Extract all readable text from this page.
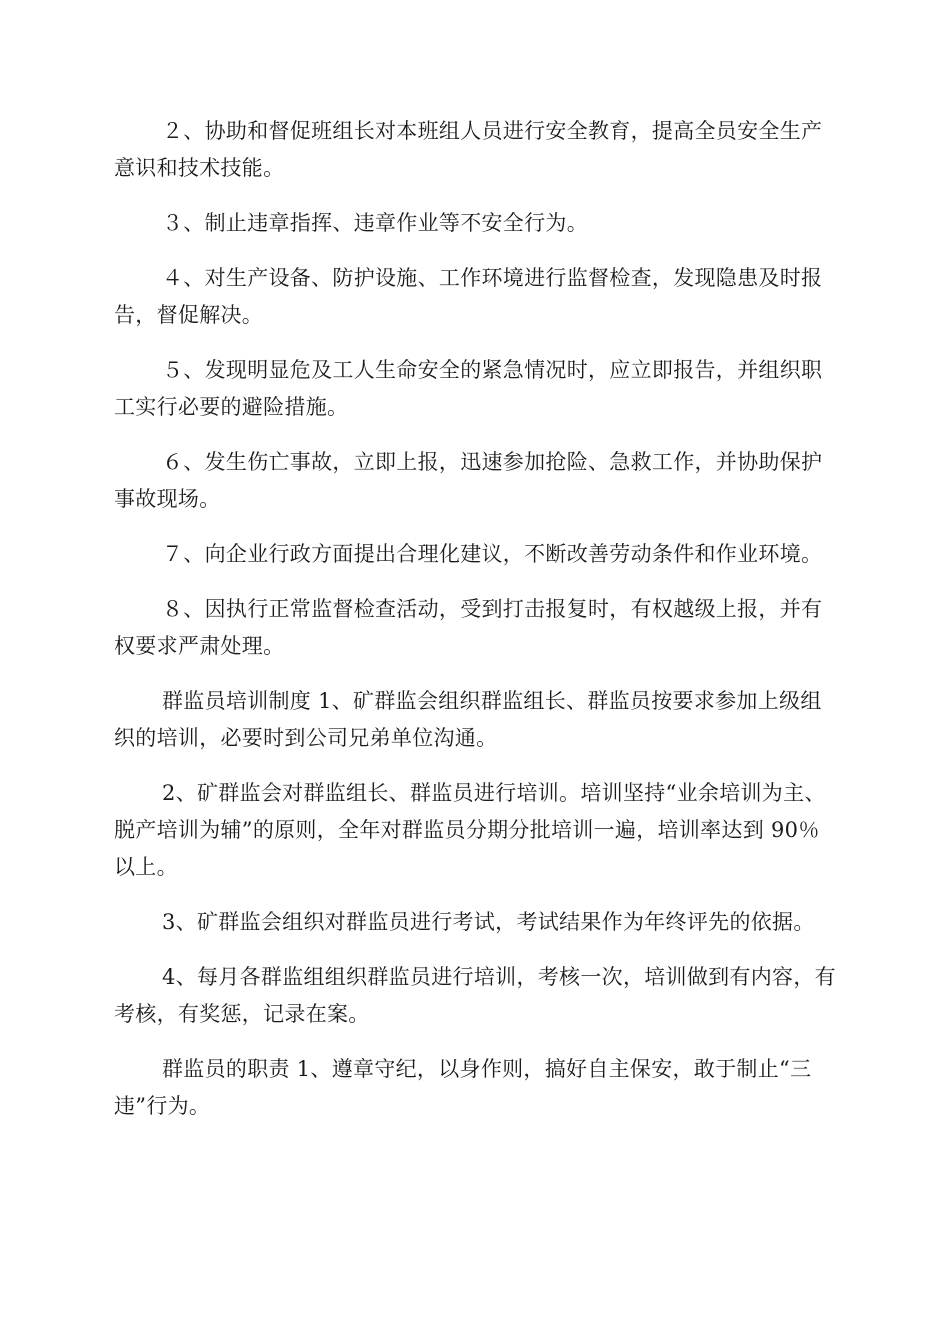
２、协助和督促班组长对本班组人员进行安全教育，提高全员安全生产意识和技术技能。

３、制止违章指挥、违章作业等不安全行为。

４、对生产设备、防护设施、工作环境进行监督检查，发现隐患及时报告，督促解决。

５、发现明显危及工人生命安全的紧急情况时，应立即报告，并组织职工实行必要的避险措施。

６、发生伤亡事故，立即上报，迅速参加抢险、急救工作，并协助保护事故现场。

７、向企业行政方面提出合理化建议，不断改善劳动条件和作业环境。

８、因执行正常监督检查活动，受到打击报复时，有权越级上报，并有权要求严肃处理。

群监员培训制度 1、矿群监会组织群监组长、群监员按要求参加上级组织的培训，必要时到公司兄弟单位沟通。

2、矿群监会对群监组长、群监员进行培训。培训坚持“业余培训为主、脱产培训为辅”的原则，全年对群监员分期分批培训一遍，培训率达到 90％以上。

3、矿群监会组织对群监员进行考试，考试结果作为年终评先的依据。

4、每月各群监组组织群监员进行培训，考核一次，培训做到有内容，有考核，有奖惩，记录在案。

群监员的职责 1、遵章守纪，以身作则，搞好自主保安，敢于制止“三违”行为。
